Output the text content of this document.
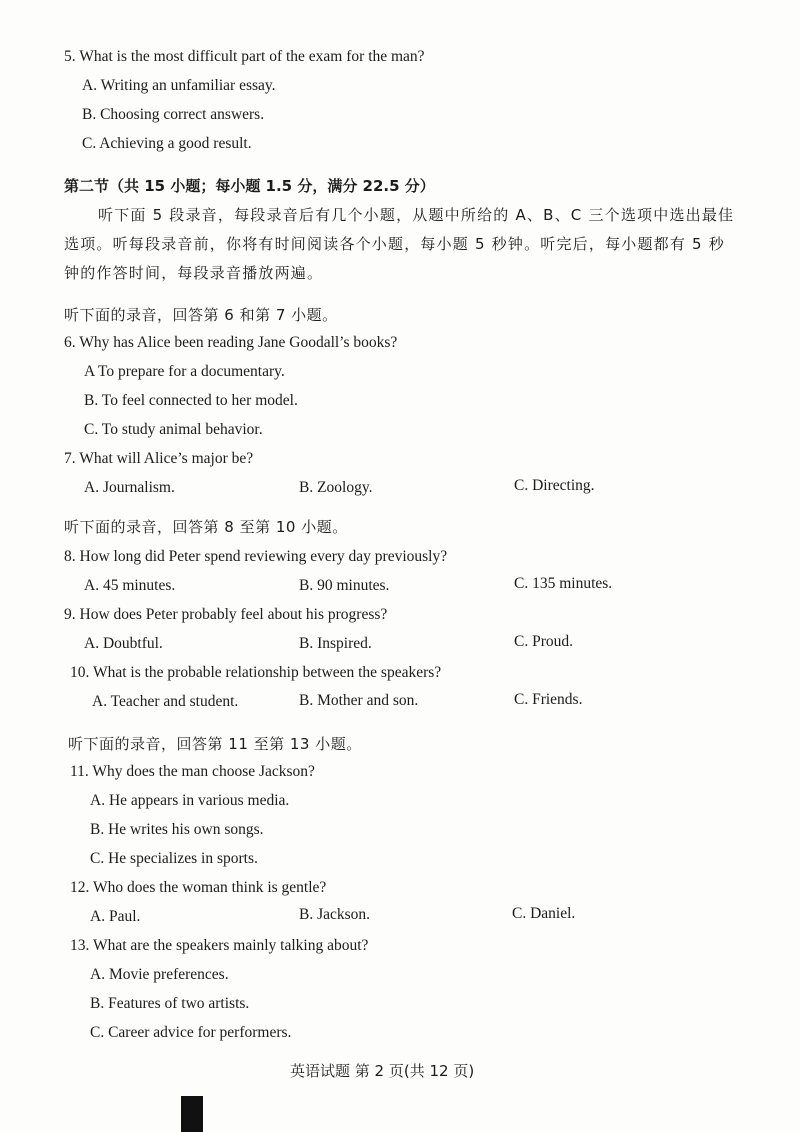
5. What is the most difficult part of the exam for the man?
A. Writing an unfamiliar essay.
B. Choosing correct answers.
C. Achieving a good result.
第二节（共 15 小题；每小题 1.5 分，满分 22.5 分）
听下面 5 段录音，每段录音后有几个小题，从题中所给的 A、B、C 三个选项中选出最佳
选项。听每段录音前，你将有时间阅读各个小题，每小题 5 秒钟。听完后，每小题都有 5 秒
钟的作答时间，每段录音播放两遍。
听下面的录音，回答第 6 和第 7 小题。
6. Why has Alice been reading Jane Goodall’s books?
A To prepare for a documentary.
B. To feel connected to her model.
C. To study animal behavior.
7. What will Alice’s major be?
A. Journalism.	B. Zoology.	C. Directing.
听下面的录音，回答第 8 至第 10 小题。
8. How long did Peter spend reviewing every day previously?
A. 45 minutes.	B. 90 minutes.	C. 135 minutes.
9. How does Peter probably feel about his progress?
A. Doubtful.	B. Inspired.	C. Proud.
10. What is the probable relationship between the speakers?
A. Teacher and student.	B. Mother and son.	C. Friends.
听下面的录音，回答第 11 至第 13 小题。
11. Why does the man choose Jackson?
A. He appears in various media.
B. He writes his own songs.
C. He specializes in sports.
12. Who does the woman think is gentle?
A. Paul.	B. Jackson.	C. Daniel.
13. What are the speakers mainly talking about?
A. Movie preferences.
B. Features of two artists.
C. Career advice for performers.
英语试题 第 2 页(共 12 页)
